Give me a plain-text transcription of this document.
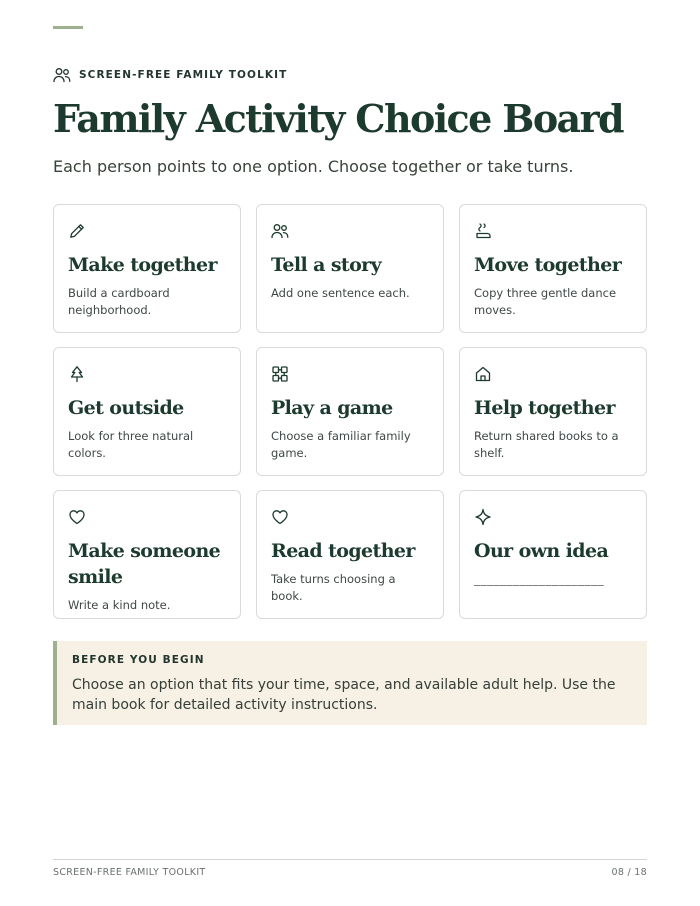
SCREEN-FREE FAMILY TOOLKIT
Family Activity Choice Board

Each person points to one option. Choose together or take turns.

Make together

Build a cardboard neighborhood.

Tell a story

Add one sentence each.

Move together

Copy three gentle dance moves.

Get outside

Look for three natural colors.

Play a game

Choose a familiar family game.

Help together

Return shared books to a shelf.

Make someone smile

Write a kind note.

Read together

Take turns choosing a book.

Our own idea

____________________

BEFORE YOU BEGIN

Choose an option that fits your time, space, and available adult help. Use the main book for detailed activity instructions.

SCREEN-FREE FAMILY TOOLKIT	08 / 18
